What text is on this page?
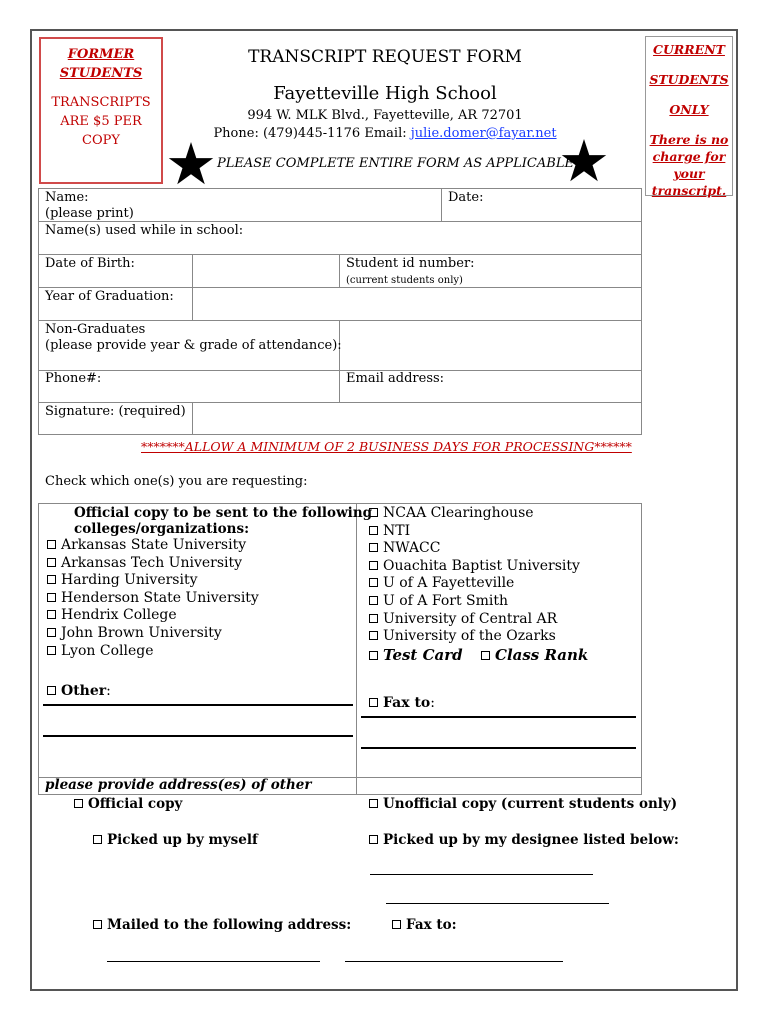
FORMER
STUDENTS
TRANSCRIPTS
ARE $5 PER
COPY
CURRENT
STUDENTS
ONLY
There is no
charge for
your
transcript.
TRANSCRIPT REQUEST FORM
Fayetteville High School
994 W. MLK Blvd., Fayetteville, AR 72701
Phone: (479)445-1176 Email: julie.domer@fayar.net
★	★
PLEASE COMPLETE ENTIRE FORM AS APPLICABLE
Name:
(please print)
Date:
Name(s) used while in school:
Date of Birth:	Student id number:
(current students only)
Year of Graduation:
Non-Graduates
(please provide year & grade of attendance):
Phone#:	Email address:
Signature: (required)
*******ALLOW A MINIMUM OF 2 BUSINESS DAYS FOR PROCESSING******
Check which one(s) you are requesting:
Official copy to be sent to the following
colleges/organizations:
Arkansas State University
Arkansas Tech University
Harding University
Henderson State University
Hendrix College
John Brown University
Lyon College
NCAA Clearinghouse
NTI
NWACC
Ouachita Baptist University
U of A Fayetteville
U of A Fort Smith
University of Central AR
University of the Ozarks
Test Card	Class Rank
Other:
Fax to:
please provide address(es) of other
Official copy	Unofficial copy (current students only)
Picked up by myself	Picked up by my designee listed below:
Mailed to the following address:	Fax to:
